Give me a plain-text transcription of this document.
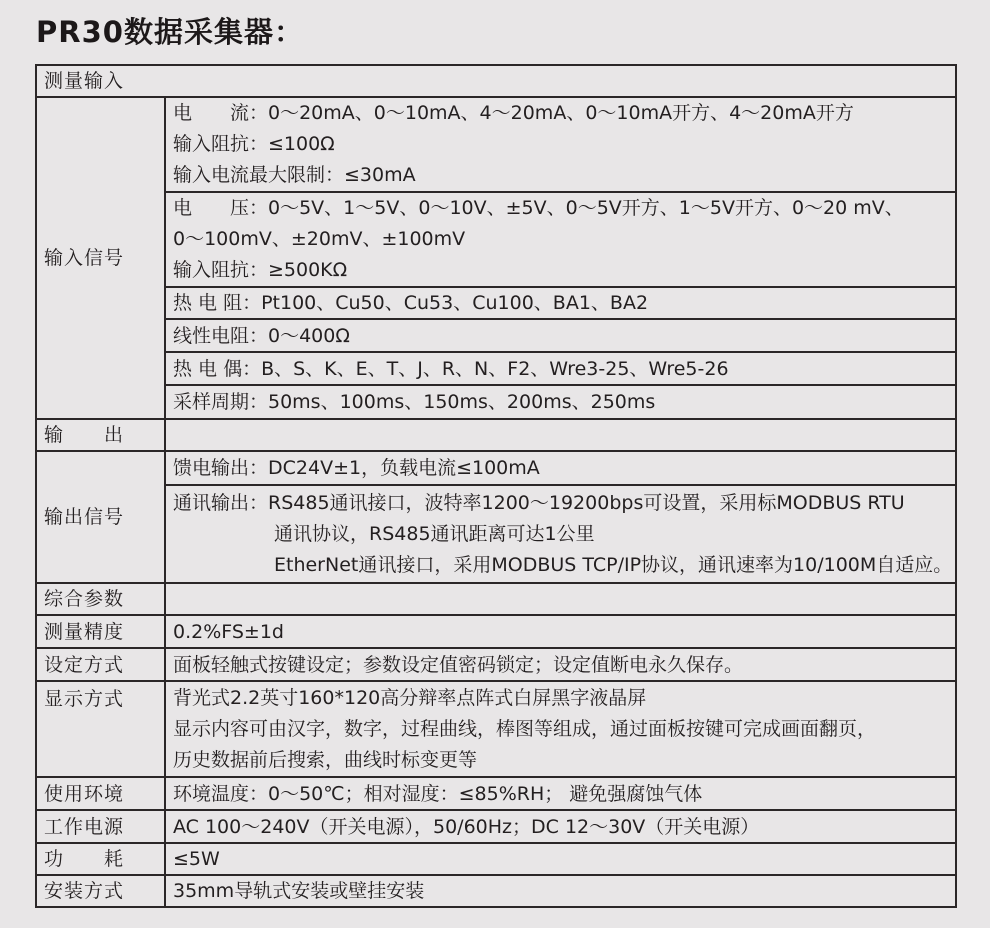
PR30数据采集器：
测量输入	
输入信号	电　　流：0～20mA、0～10mA、4～20mA、0～10mA开方、4～20mA开方
输入阻抗：≤100Ω
输入电流最大限制：≤30mA

	电　　压：0～5V、1～5V、0～10V、±5V、0～5V开方、1～5V开方、0～20 mV、
0～100mV、±20mV、±100mV
输入阻抗：≥500KΩ

	热 电 阻：Pt100、Cu50、Cu53、Cu100、BA1、BA2
	线性电阻：0～400Ω
	热 电 偶：B、S、K、E、T、J、R、N、F2、Wre3-25、Wre5-26
	采样周期：50ms、100ms、150ms、200ms、250ms
输　　出	
输出信号	馈电输出：DC24V±1，负载电流≤100mA

	通讯输出：RS485通讯接口，波特率1200～19200bps可设置，采用标MODBUS RTU
通讯协议，RS485通讯距离可达1公里
EtherNet通讯接口，采用MODBUS TCP/IP协议，通讯速率为10/100M自适应。

综合参数	
测量精度	0.2%FS±1d
设定方式	面板轻触式按键设定；参数设定值密码锁定；设定值断电永久保存。
显示方式	背光式2.2英寸160*120高分辩率点阵式白屏黑字液晶屏
显示内容可由汉字，数字，过程曲线，棒图等组成，通过面板按键可完成画面翻页，
历史数据前后搜索，曲线时标变更等

使用环境	环境温度：0～50℃；相对湿度：≤85%RH； 避免强腐蚀气体
工作电源	AC 100～240V（开关电源），50/60Hz；DC 12～30V（开关电源）
功　　耗	≤5W
安装方式	35mm导轨式安装或壁挂安装
